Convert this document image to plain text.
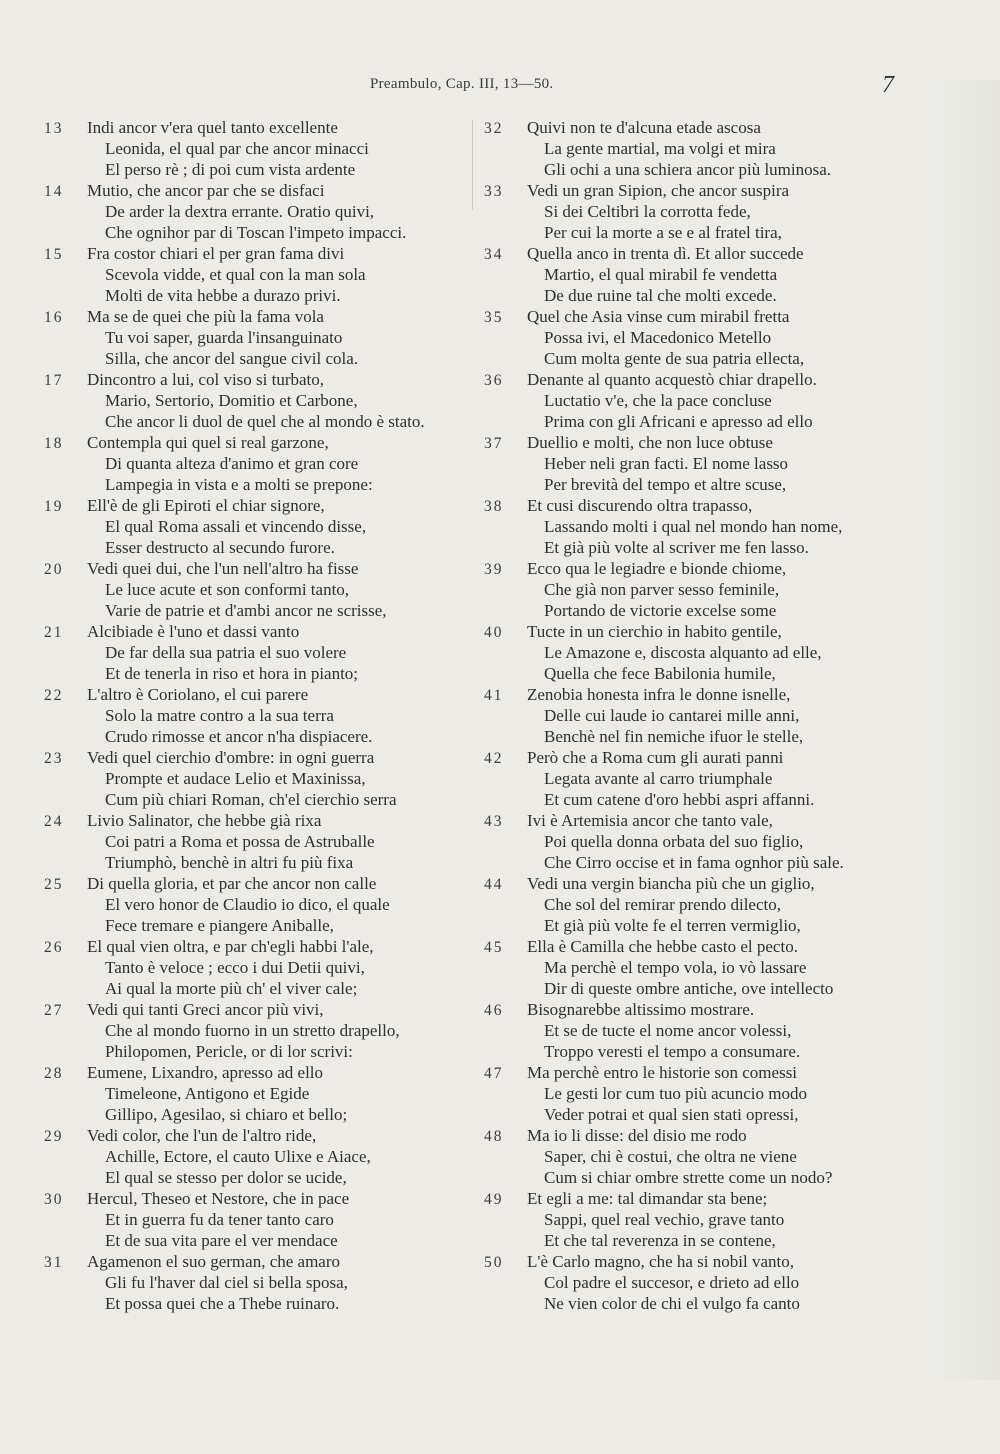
Preambulo, Cap. III, 13—50.	7
13	Indi ancor v'era quel tanto excellente
Leonida, el qual par che ancor minacci
El perso rè ; di poi cum vista ardente
14	Mutio, che ancor par che se disfaci
De arder la dextra errante. Oratio quivi,
Che ognihor par di Toscan l'impeto impacci.
15	Fra costor chiari el per gran fama divi
Scevola vidde, et qual con la man sola
Molti de vita hebbe a durazo privi.
16	Ma se de quei che più la fama vola
Tu voi saper, guarda l'insanguinato
Silla, che ancor del sangue civil cola.
17	Dincontro a lui, col viso si turbato,
Mario, Sertorio, Domitio et Carbone,
Che ancor li duol de quel che al mondo è stato.
18	Contempla qui quel si real garzone,
Di quanta alteza d'animo et gran core
Lampegia in vista e a molti se prepone:
19	Ell'è de gli Epiroti el chiar signore,
El qual Roma assali et vincendo disse,
Esser destructo al secundo furore.
20	Vedi quei dui, che l'un nell'altro ha fisse
Le luce acute et son conformi tanto,
Varie de patrie et d'ambi ancor ne scrisse,
21	Alcibiade è l'uno et dassi vanto
De far della sua patria el suo volere
Et de tenerla in riso et hora in pianto;
22	L'altro è Coriolano, el cui parere
Solo la matre contro a la sua terra
Crudo rimosse et ancor n'ha dispiacere.
23	Vedi quel cierchio d'ombre: in ogni guerra
Prompte et audace Lelio et Maxinissa,
Cum più chiari Roman, ch'el cierchio serra
24	Livio Salinator, che hebbe già rixa
Coi patri a Roma et possa de Astruballe
Triumphò, benchè in altri fu più fixa
25	Di quella gloria, et par che ancor non calle
El vero honor de Claudio io dico, el quale
Fece tremare e piangere Aniballe,
26	El qual vien oltra, e par ch'egli habbi l'ale,
Tanto è veloce ; ecco i dui Detii quivi,
Ai qual la morte più ch' el viver cale;
27	Vedi qui tanti Greci ancor più vivi,
Che al mondo fuorno in un stretto drapello,
Philopomen, Pericle, or di lor scrivi:
28	Eumene, Lixandro, apresso ad ello
Timeleone, Antigono et Egide
Gillipo, Agesilao, si chiaro et bello;
29	Vedi color, che l'un de l'altro ride,
Achille, Ectore, el cauto Ulixe e Aiace,
El qual se stesso per dolor se ucide,
30	Hercul, Theseo et Nestore, che in pace
Et in guerra fu da tener tanto caro
Et de sua vita pare el ver mendace
31	Agamenon el suo german, che amaro
Gli fu l'haver dal ciel si bella sposa,
Et possa quei che a Thebe ruinaro.
32	Quivi non te d'alcuna etade ascosa
La gente martial, ma volgi et mira
Gli ochi a una schiera ancor più luminosa.
33	Vedi un gran Sipion, che ancor suspira
Si dei Celtibri la corrotta fede,
Per cui la morte a se e al fratel tira,
34	Quella anco in trenta dì. Et allor succede
Martio, el qual mirabil fe vendetta
De due ruine tal che molti excede.
35	Quel che Asia vinse cum mirabil fretta
Possa ivi, el Macedonico Metello
Cum molta gente de sua patria ellecta,
36	Denante al quanto acquestò chiar drapello.
Luctatio v'e, che la pace concluse
Prima con gli Africani e apresso ad ello
37	Duellio e molti, che non luce obtuse
Heber neli gran facti. El nome lasso
Per brevità del tempo et altre scuse,
38	Et cusi discurendo oltra trapasso,
Lassando molti i qual nel mondo han nome,
Et già più volte al scriver me fen lasso.
39	Ecco qua le legiadre e bionde chiome,
Che già non parver sesso feminile,
Portando de victorie excelse some
40	Tucte in un cierchio in habito gentile,
Le Amazone e, discosta alquanto ad elle,
Quella che fece Babilonia humile,
41	Zenobia honesta infra le donne isnelle,
Delle cui laude io cantarei mille anni,
Benchè nel fin nemiche ifuor le stelle,
42	Però che a Roma cum gli aurati panni
Legata avante al carro triumphale
Et cum catene d'oro hebbi aspri affanni.
43	Ivi è Artemisia ancor che tanto vale,
Poi quella donna orbata del suo figlio,
Che Cirro occise et in fama ognhor più sale.
44	Vedi una vergin biancha più che un giglio,
Che sol del remirar prendo dilecto,
Et già più volte fe el terren vermiglio,
45	Ella è Camilla che hebbe casto el pecto.
Ma perchè el tempo vola, io vò lassare
Dir di queste ombre antiche, ove intellecto
46	Bisognarebbe altissimo mostrare.
Et se de tucte el nome ancor volessi,
Troppo veresti el tempo a consumare.
47	Ma perchè entro le historie son comessi
Le gesti lor cum tuo più acuncio modo
Veder potrai et qual sien stati opressi,
48	Ma io li disse: del disio me rodo
Saper, chi è costui, che oltra ne viene
Cum si chiar ombre strette come un nodo?
49	Et egli a me: tal dimandar sta bene;
Sappi, quel real vechio, grave tanto
Et che tal reverenza in se contene,
50	L'è Carlo magno, che ha si nobil vanto,
Col padre el succesor, e drieto ad ello
Ne vien color de chi el vulgo fa canto
